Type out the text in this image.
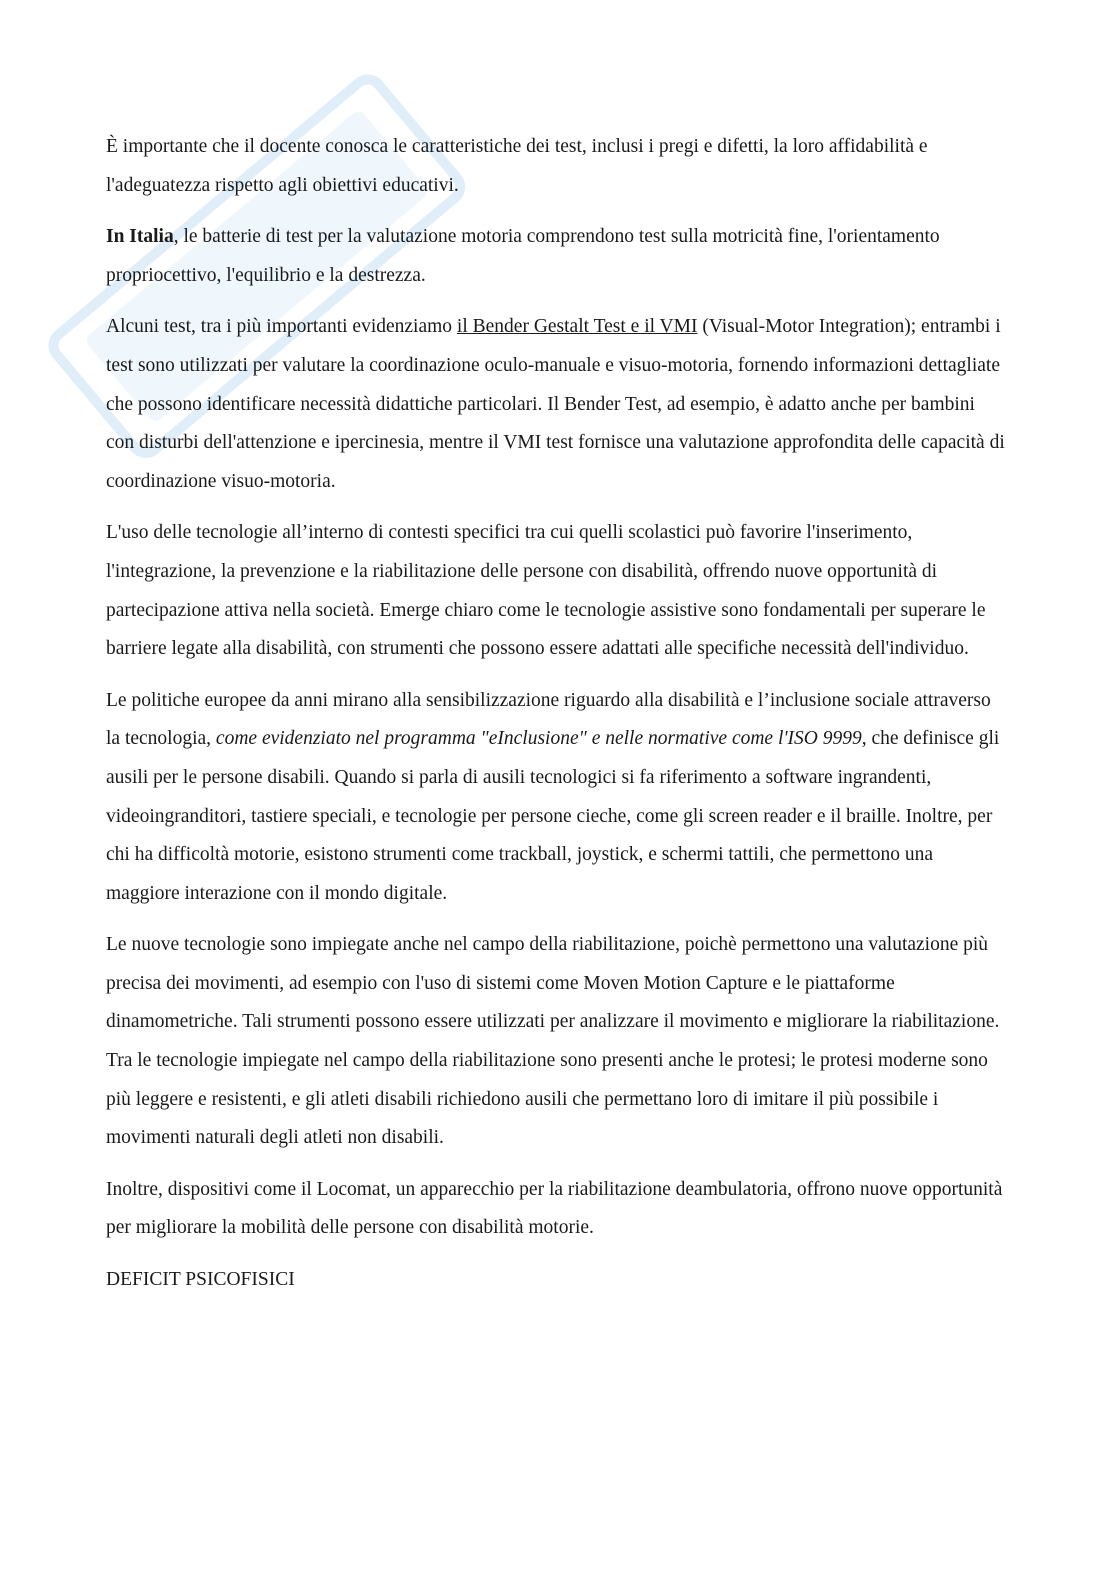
È importante che il docente conosca le caratteristiche dei test, inclusi i pregi e difetti, la loro affidabilità e l'adeguatezza rispetto agli obiettivi educativi.

In Italia, le batterie di test per la valutazione motoria comprendono test sulla motricità fine, l'orientamento propriocettivo, l'equilibrio e la destrezza.

Alcuni test, tra i più importanti evidenziamo il Bender Gestalt Test e il VMI (Visual-Motor Integration); entrambi i test sono utilizzati per valutare la coordinazione oculo-manuale e visuo-motoria, fornendo informazioni dettagliate che possono identificare necessità didattiche particolari. Il Bender Test, ad esempio, è adatto anche per bambini con disturbi dell'attenzione e ipercinesia, mentre il VMI test fornisce una valutazione approfondita delle capacità di coordinazione visuo-motoria.

L'uso delle tecnologie all’interno di contesti specifici tra cui quelli scolastici può favorire l'inserimento, l'integrazione, la prevenzione e la riabilitazione delle persone con disabilità, offrendo nuove opportunità di partecipazione attiva nella società. Emerge chiaro come le tecnologie assistive sono fondamentali per superare le barriere legate alla disabilità, con strumenti che possono essere adattati alle specifiche necessità dell'individuo.

Le politiche europee da anni mirano alla sensibilizzazione riguardo alla disabilità e l’inclusione sociale attraverso la tecnologia, come evidenziato nel programma "eInclusione" e nelle normative come l'ISO 9999, che definisce gli ausili per le persone disabili. Quando si parla di ausili tecnologici si fa riferimento a software ingrandenti, videoingranditori, tastiere speciali, e tecnologie per persone cieche, come gli screen reader e il braille. Inoltre, per chi ha difficoltà motorie, esistono strumenti come trackball, joystick, e schermi tattili, che permettono una maggiore interazione con il mondo digitale.

Le nuove tecnologie sono impiegate anche nel campo della riabilitazione, poichè permettono una valutazione più precisa dei movimenti, ad esempio con l'uso di sistemi come Moven Motion Capture e le piattaforme dinamometriche. Tali strumenti possono essere utilizzati per analizzare il movimento e migliorare la riabilitazione. Tra le tecnologie impiegate nel campo della riabilitazione sono presenti anche le protesi; le protesi moderne sono più leggere e resistenti, e gli atleti disabili richiedono ausili che permettano loro di imitare il più possibile i movimenti naturali degli atleti non disabili.

Inoltre, dispositivi come il Locomat, un apparecchio per la riabilitazione deambulatoria, offrono nuove opportunità per migliorare la mobilità delle persone con disabilità motorie.

DEFICIT PSICOFISICI
